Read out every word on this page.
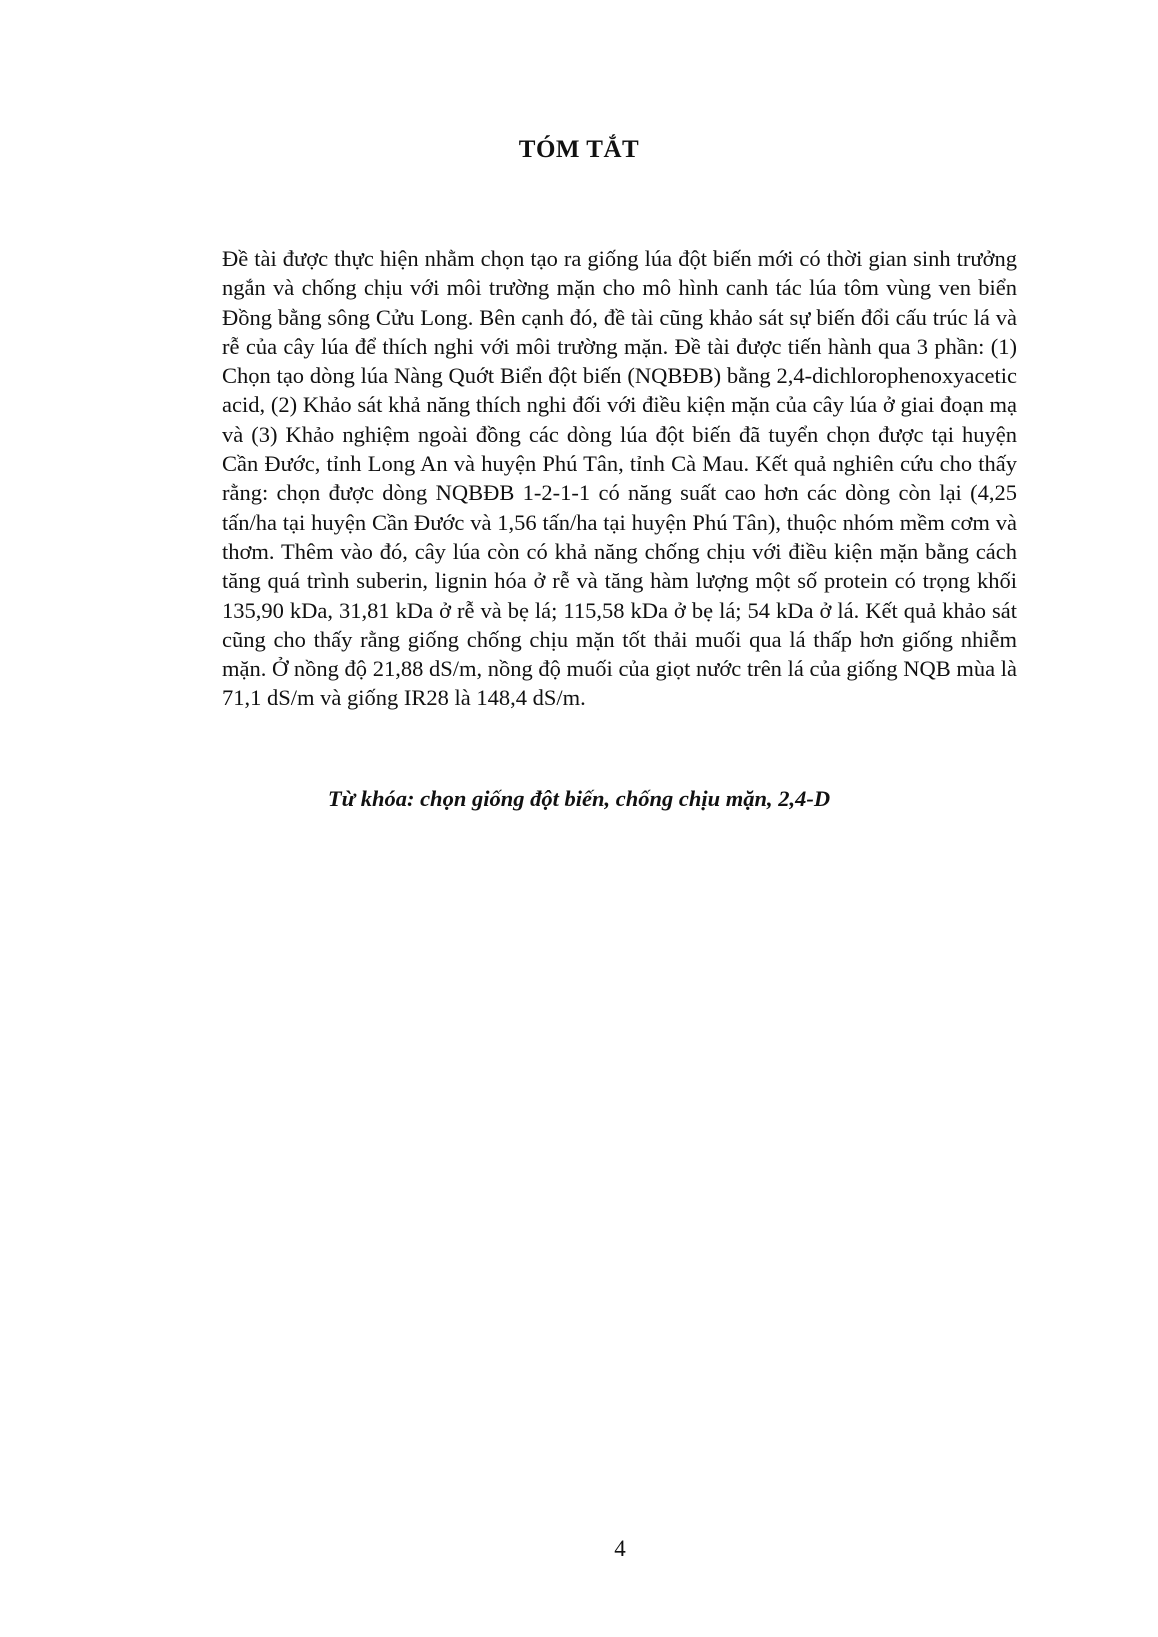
TÓM TẮT

Đề tài được thực hiện nhằm chọn tạo ra giống lúa đột biến mới có thời gian sinh trưởng ngắn và chống chịu với môi trường mặn cho mô hình canh tác lúa tôm vùng ven biển Đồng bằng sông Cửu Long. Bên cạnh đó, đề tài cũng khảo sát sự biến đổi cấu trúc lá và rễ của cây lúa để thích nghi với môi trường mặn. Đề tài được tiến hành qua 3 phần: (1) Chọn tạo dòng lúa Nàng Quớt Biển đột biến (NQBĐB) bằng 2,4-dichlorophenoxyacetic acid, (2) Khảo sát khả năng thích nghi đối với điều kiện mặn của cây lúa ở giai đoạn mạ và (3) Khảo nghiệm ngoài đồng các dòng lúa đột biến đã tuyển chọn được tại huyện Cần Đước, tỉnh Long An và huyện Phú Tân, tỉnh Cà Mau. Kết quả nghiên cứu cho thấy rằng: chọn được dòng NQBĐB 1-2-1-1 có năng suất cao hơn các dòng còn lại (4,25 tấn/ha tại huyện Cần Đước và 1,56 tấn/ha tại huyện Phú Tân), thuộc nhóm mềm cơm và thơm. Thêm vào đó, cây lúa còn có khả năng chống chịu với điều kiện mặn bằng cách tăng quá trình suberin, lignin hóa ở rễ và tăng hàm lượng một số protein có trọng khối 135,90 kDa, 31,81 kDa ở rễ và bẹ lá; 115,58 kDa ở bẹ lá; 54 kDa ở lá. Kết quả khảo sát cũng cho thấy rằng giống chống chịu mặn tốt thải muối qua lá thấp hơn giống nhiễm mặn. Ở nồng độ 21,88 dS/m, nồng độ muối của giọt nước trên lá của giống NQB mùa là 71,1 dS/m và giống IR28 là 148,4 dS/m.

Từ khóa: chọn giống đột biến, chống chịu mặn, 2,4-D

4
